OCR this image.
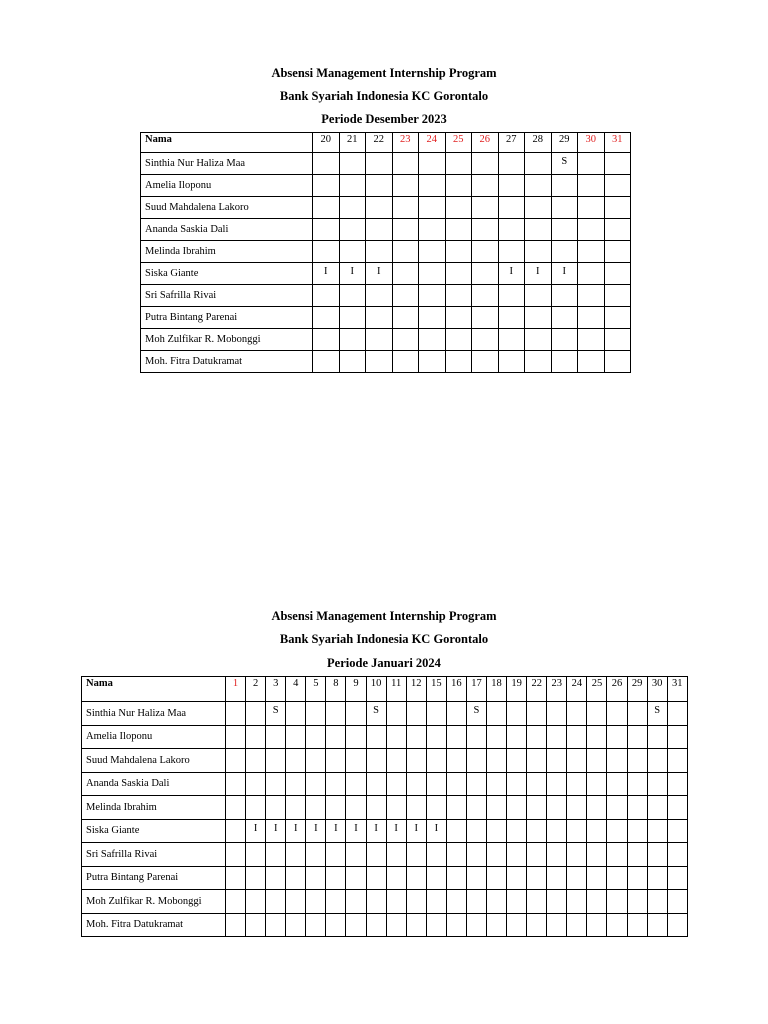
Absensi Management Internship Program
Bank Syariah Indonesia KC Gorontalo
Periode Desember 2023
Nama	20	21	22	23	24	25	26	27	28	29	30	31
Sinthia Nur Haliza Maa										S		
Amelia Iloponu												
Suud Mahdalena Lakoro												
Ananda Saskia Dali												
Melinda Ibrahim												
Siska Giante	I	I	I					I	I	I		
Sri Safrilla Rivai												
Putra Bintang Parenai												
Moh Zulfikar R. Mobonggi												
Moh. Fitra Datukramat												
Absensi Management Internship Program
Bank Syariah Indonesia KC Gorontalo
Periode Januari 2024
Nama	1	2	3	4	5	8	9	10	11	12	15	16	17	18	19	22	23	24	25	26	29	30	31
Sinthia Nur Haliza Maa			S					S					S									S	
Amelia Iloponu																							
Suud Mahdalena Lakoro																							
Ananda Saskia Dali																							
Melinda Ibrahim																							
Siska Giante		I	I	I	I	I	I	I	I	I	I												
Sri Safrilla Rivai																							
Putra Bintang Parenai																							
Moh Zulfikar R. Mobonggi																							
Moh. Fitra Datukramat																							
